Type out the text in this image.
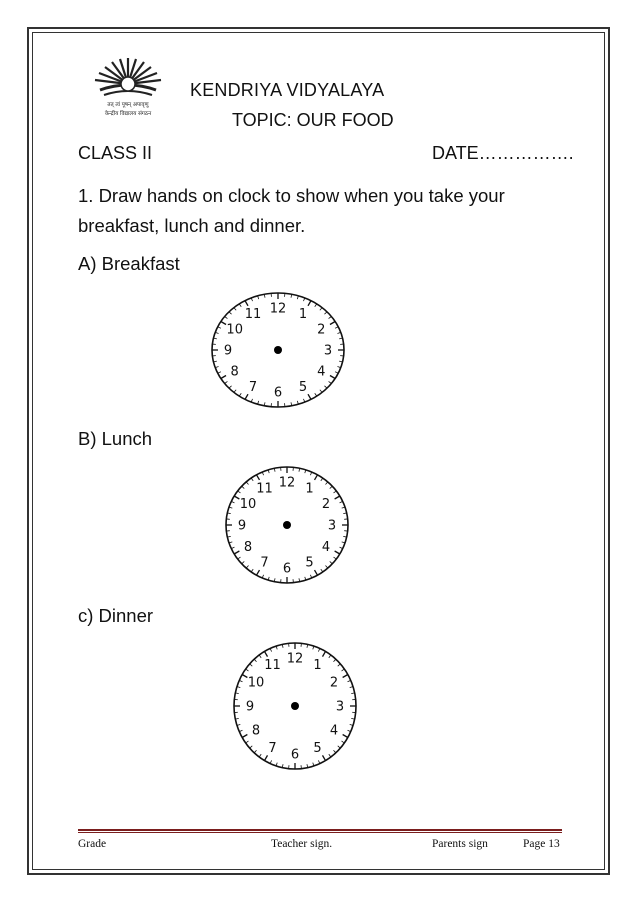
तत् त्वं पूषन् अपावृणु
केन्द्रीय विद्यालय संगठन
KENDRIYA VIDYALAYA
TOPIC: OUR FOOD
CLASS II	DATE…………….
1. Draw hands on clock to show when you take your breakfast, lunch and dinner.
A) Breakfast
12 1
2
3
4
5
6
7
8
9
10
11
B) Lunch
12 1
2
3
4
5
6
7
8
9
10
11
c) Dinner
12 1
2
3
4
5
6
7
8
9
10
11
Grade	Teacher sign.	Parents sign	Page 13
